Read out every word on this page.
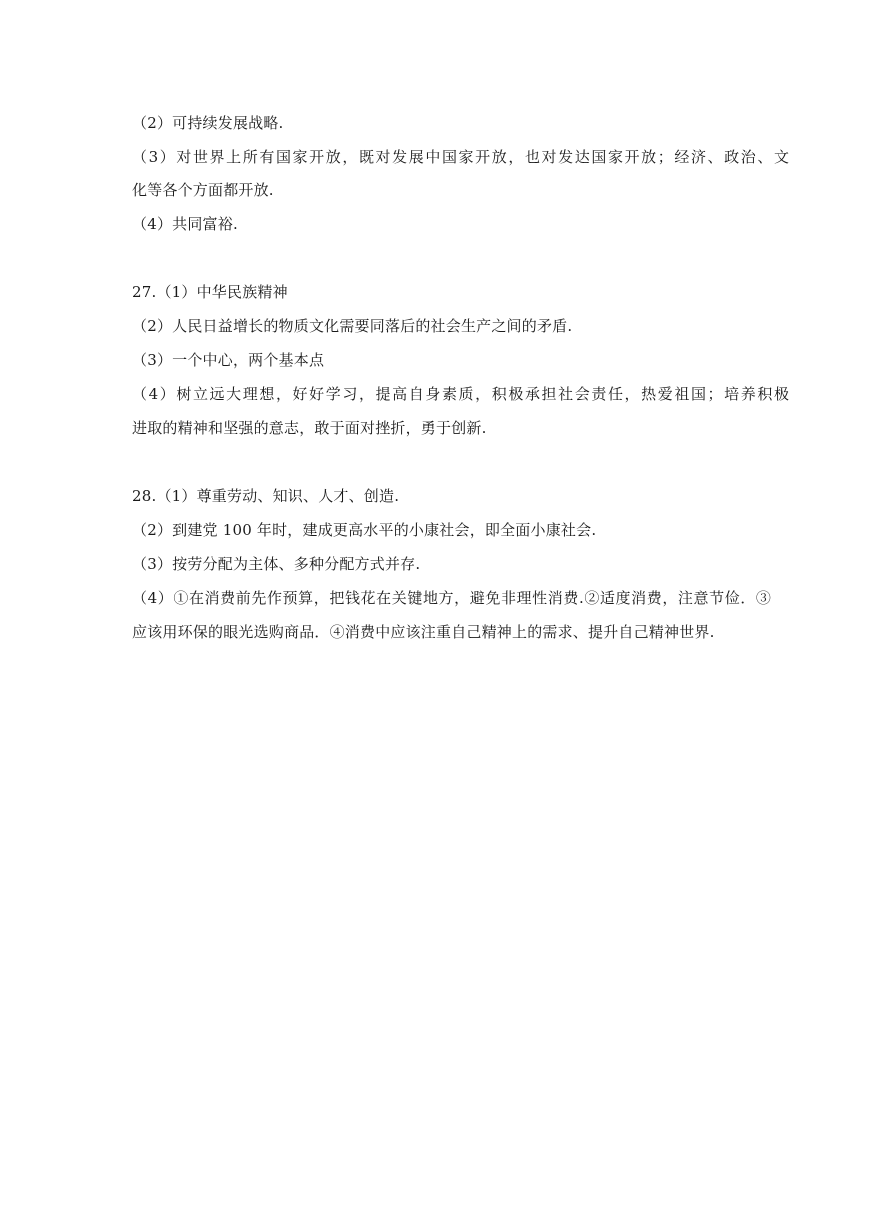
（2）可持续发展战略.
（3）对世界上所有国家开放，既对发展中国家开放，也对发达国家开放；经济、政治、文
化等各个方面都开放.
（4）共同富裕.
27.（1）中华民族精神
（2）人民日益增长的物质文化需要同落后的社会生产之间的矛盾.
（3）一个中心，两个基本点
（4）树立远大理想，好好学习，提高自身素质，积极承担社会责任，热爱祖国；培养积极
进取的精神和坚强的意志，敢于面对挫折，勇于创新.
28.（1）尊重劳动、知识、人才、创造.
（2）到建党 100 年时，建成更高水平的小康社会，即全面小康社会.
（3）按劳分配为主体、多种分配方式并存.
（4）①在消费前先作预算，把钱花在关键地方，避免非理性消费.②适度消费，注意节俭．③
应该用环保的眼光选购商品．④消费中应该注重自己精神上的需求、提升自己精神世界.
